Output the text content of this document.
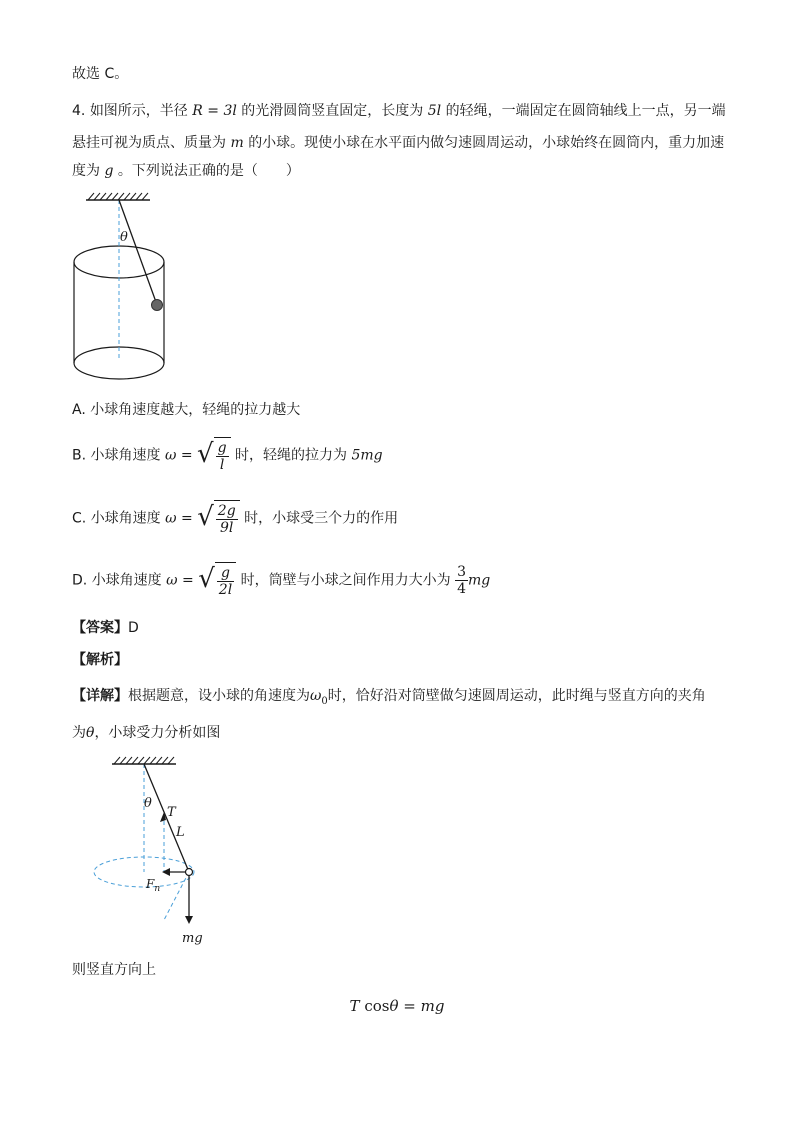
故选 C。
4. 如图所示，半径 R = 3l 的光滑圆筒竖直固定，长度为 5l 的轻绳，一端固定在圆筒轴线上一点，另一端
悬挂可视为质点、质量为 m 的小球。现使小球在水平面内做匀速圆周运动，小球始终在圆筒内，重力加速
度为 g 。下列说法正确的是（　　）
θ
A. 小球角速度越大，轻绳的拉力越大
B. 小球角速度 ω = √ $\frac{g}{l}$ 时，轻绳的拉力为 5mg
C. 小球角速度 ω = √ $\frac{2g}{9l}$ 时，小球受三个力的作用
D. 小球角速度 ω = √ $\frac{g}{2l}$ 时，筒壁与小球之间作用力大小为 $\frac{3}{4}$ mg
【答案】D
【解析】
【详解】根据题意，设小球的角速度为$\omega_0$时，恰好沿对筒壁做匀速圆周运动，此时绳与竖直方向的夹角
为θ，小球受力分析如图
θ
T
L
$F_n$
mg
则竖直方向上
T cosθ = mg
